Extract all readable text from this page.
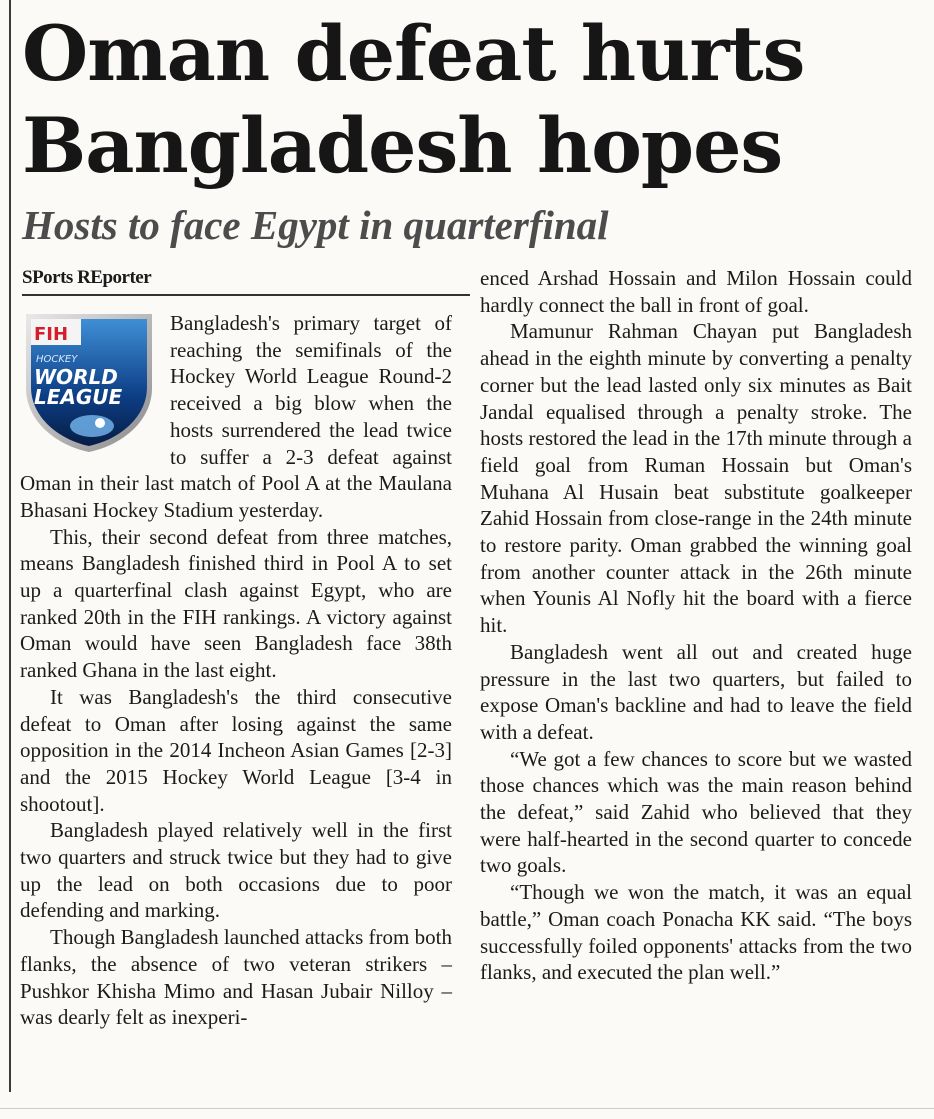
Oman defeat hurts Bangladesh hopes
Hosts to face Egypt in quarterfinal
SPorts REporter
FIH
HOCKEY
WORLD
LEAGUE

Bangladesh's primary target of reaching the semifinals of the Hockey World League Round-2 received a big blow when the hosts surrendered the lead twice to suffer a 2-3 defeat against Oman in their last match of Pool A at the Maulana Bhasani Hockey Stadium yesterday.

This, their second defeat from three matches, means Bangladesh finished third in Pool A to set up a quarterfinal clash against Egypt, who are ranked 20th in the FIH rankings. A victory against Oman would have seen Bangladesh face 38th ranked Ghana in the last eight.

It was Bangladesh's the third consecutive defeat to Oman after losing against the same opposition in the 2014 Incheon Asian Games [2-3] and the 2015 Hockey World League [3-4 in shootout].

Bangladesh played relatively well in the first two quarters and struck twice but they had to give up the lead on both occasions due to poor defending and marking.

Though Bangladesh launched attacks from both flanks, the absence of two veteran strikers – Pushkor Khisha Mimo and Hasan Jubair Nilloy – was dearly felt as inexperi-

enced Arshad Hossain and Milon Hossain could hardly connect the ball in front of goal.

Mamunur Rahman Chayan put Bangladesh ahead in the eighth minute by converting a penalty corner but the lead lasted only six minutes as Bait Jandal equalised through a penalty stroke. The hosts restored the lead in the 17th minute through a field goal from Ruman Hossain but Oman's Muhana Al Husain beat substitute goalkeeper Zahid Hossain from close-range in the 24th minute to restore parity. Oman grabbed the winning goal from another counter attack in the 26th minute when Younis Al Nofly hit the board with a fierce hit.

Bangladesh went all out and created huge pressure in the last two quarters, but failed to expose Oman's backline and had to leave the field with a defeat.

“We got a few chances to score but we wasted those chances which was the main reason behind the defeat,” said Zahid who believed that they were half-hearted in the second quarter to concede two goals.

“Though we won the match, it was an equal battle,” Oman coach Ponacha KK said. “The boys successfully foiled opponents' attacks from the two flanks, and executed the plan well.”
